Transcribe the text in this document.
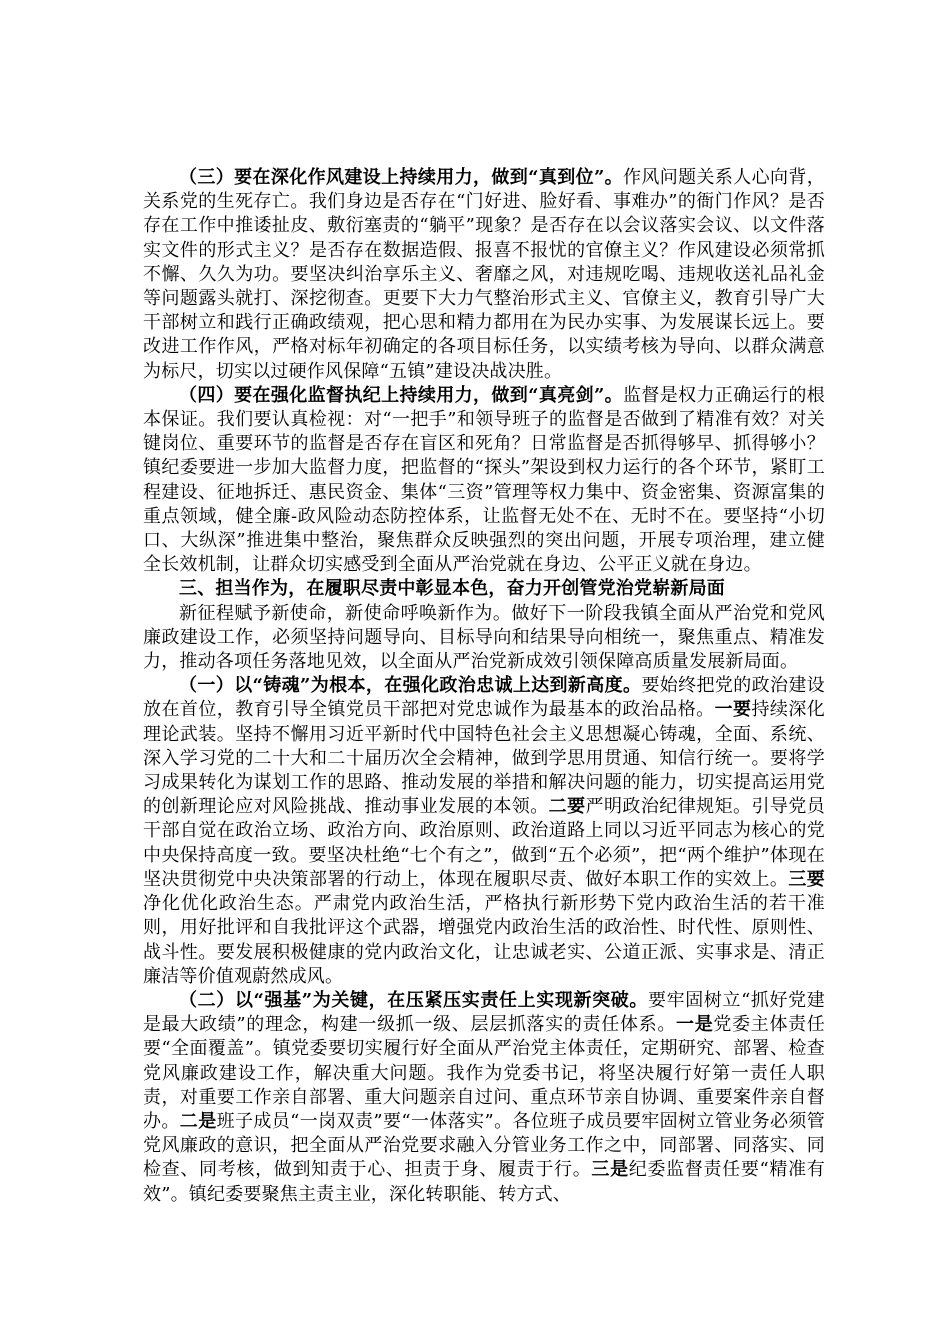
（三）要在深化作风建设上持续用力，做到“真到位”。作风问题关系人心向背，关系党的生死存亡。我们身边是否存在“门好进、脸好看、事难办”的衙门作风？是否存在工作中推诿扯皮、敷衍塞责的“躺平”现象？是否存在以会议落实会议、以文件落实文件的形式主义？是否存在数据造假、报喜不报忧的官僚主义？作风建设必须常抓不懈、久久为功。要坚决纠治享乐主义、奢靡之风，对违规吃喝、违规收送礼品礼金等问题露头就打、深挖彻查。更要下大力气整治形式主义、官僚主义，教育引导广大干部树立和践行正确政绩观，把心思和精力都用在为民办实事、为发展谋长远上。要改进工作作风，严格对标年初确定的各项目标任务，以实绩考核为导向、以群众满意为标尺，切实以过硬作风保障“五镇”建设决战决胜。

（四）要在强化监督执纪上持续用力，做到“真亮剑”。监督是权力正确运行的根本保证。我们要认真检视：对“一把手”和领导班子的监督是否做到了精准有效？对关键岗位、重要环节的监督是否存在盲区和死角？日常监督是否抓得够早、抓得够小？镇纪委要进一步加大监督力度，把监督的“探头”架设到权力运行的各个环节，紧盯工程建设、征地拆迁、惠民资金、集体“三资”管理等权力集中、资金密集、资源富集的重点领域，健全廉-政风险动态防控体系，让监督无处不在、无时不在。要坚持“小切口、大纵深”推进集中整治，聚焦群众反映强烈的突出问题，开展专项治理，建立健全长效机制，让群众切实感受到全面从严治党就在身边、公平正义就在身边。

三、担当作为，在履职尽责中彰显本色，奋力开创管党治党崭新局面

新征程赋予新使命，新使命呼唤新作为。做好下一阶段我镇全面从严治党和党风廉政建设工作，必须坚持问题导向、目标导向和结果导向相统一，聚焦重点、精准发力，推动各项任务落地见效，以全面从严治党新成效引领保障高质量发展新局面。

（一）以“铸魂”为根本，在强化政治忠诚上达到新高度。要始终把党的政治建设放在首位，教育引导全镇党员干部把对党忠诚作为最基本的政治品格。一要持续深化理论武装。坚持不懈用习近平新时代中国特色社会主义思想凝心铸魂，全面、系统、深入学习党的二十大和二十届历次全会精神，做到学思用贯通、知信行统一。要将学习成果转化为谋划工作的思路、推动发展的举措和解决问题的能力，切实提高运用党的创新理论应对风险挑战、推动事业发展的本领。二要严明政治纪律规矩。引导党员干部自觉在政治立场、政治方向、政治原则、政治道路上同以习近平同志为核心的党中央保持高度一致。要坚决杜绝“七个有之”，做到“五个必须”，把“两个维护”体现在坚决贯彻党中央决策部署的行动上，体现在履职尽责、做好本职工作的实效上。三要净化优化政治生态。严肃党内政治生活，严格执行新形势下党内政治生活的若干准则，用好批评和自我批评这个武器，增强党内政治生活的政治性、时代性、原则性、战斗性。要发展积极健康的党内政治文化，让忠诚老实、公道正派、实事求是、清正廉洁等价值观蔚然成风。

（二）以“强基”为关键，在压紧压实责任上实现新突破。要牢固树立“抓好党建是最大政绩”的理念，构建一级抓一级、层层抓落实的责任体系。一是党委主体责任要“全面覆盖”。镇党委要切实履行好全面从严治党主体责任，定期研究、部署、检查党风廉政建设工作，解决重大问题。我作为党委书记，将坚决履行好第一责任人职责，对重要工作亲自部署、重大问题亲自过问、重点环节亲自协调、重要案件亲自督办。二是班子成员“一岗双责”要“一体落实”。各位班子成员要牢固树立管业务必须管党风廉政的意识，把全面从严治党要求融入分管业务工作之中，同部署、同落实、同检查、同考核，做到知责于心、担责于身、履责于行。三是纪委监督责任要“精准有效”。镇纪委要聚焦主责主业，深化转职能、转方式、
